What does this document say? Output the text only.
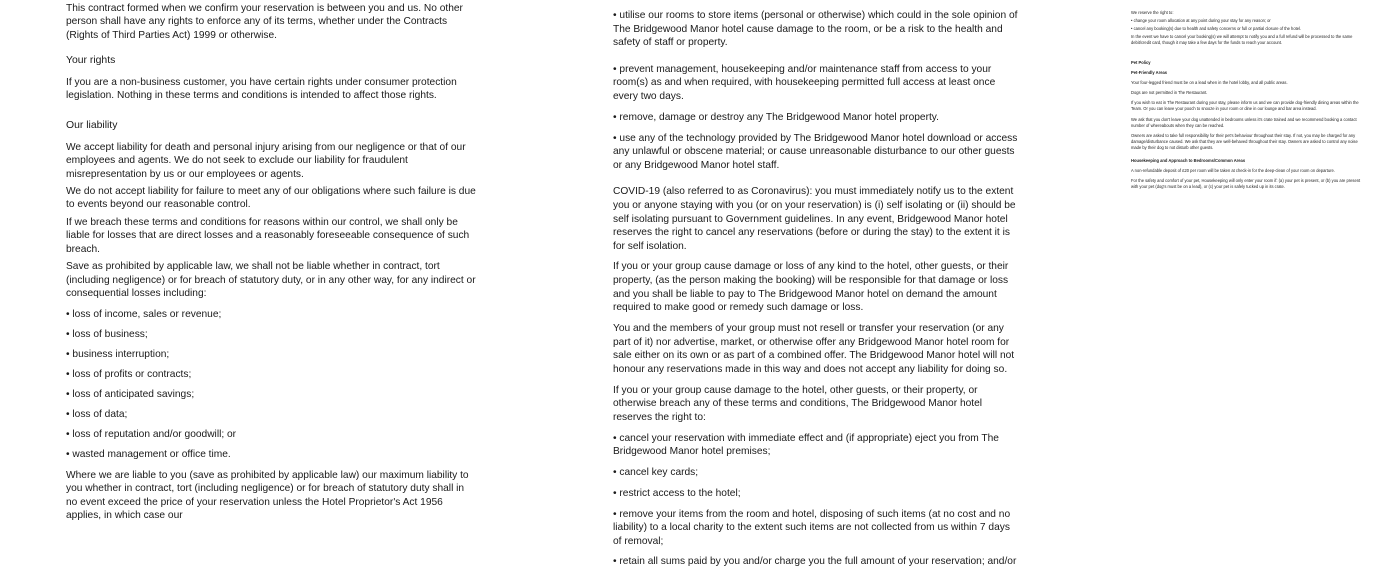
This contract formed when we confirm your reservation is between you and us. No other person shall have any rights to enforce any of its terms, whether under the Contracts (Rights of Third Parties Act) 1999 or otherwise.

Your rights

If you are a non-business customer, you have certain rights under consumer protection legislation. Nothing in these terms and conditions is intended to affect those rights.

Our liability

We accept liability for death and personal injury arising from our negligence or that of our employees and agents. We do not seek to exclude our liability for fraudulent misrepresentation by us or our employees or agents.

We do not accept liability for failure to meet any of our obligations where such failure is due to events beyond our reasonable control.

If we breach these terms and conditions for reasons within our control, we shall only be liable for losses that are direct losses and a reasonably foreseeable consequence of such breach.

Save as prohibited by applicable law, we shall not be liable whether in contract, tort (including negligence) or for breach of statutory duty, or in any other way, for any indirect or consequential losses including:

• loss of income, sales or revenue;

• loss of business;

• business interruption;

• loss of profits or contracts;

• loss of anticipated savings;

• loss of data;

• loss of reputation and/or goodwill; or

• wasted management or office time.

Where we are liable to you (save as prohibited by applicable law) our maximum liability to you whether in contract, tort (including negligence) or for breach of statutory duty shall in no event exceed the price of your reservation unless the Hotel Proprietor's Act 1956 applies, in which case our

• utilise our rooms to store items (personal or otherwise) which could in the sole opinion of The Bridgewood Manor hotel cause damage to the room, or be a risk to the health and safety of staff or property.

• prevent management, housekeeping and/or maintenance staff from access to your room(s) as and when required, with housekeeping permitted full access at least once every two days.

• remove, damage or destroy any The Bridgewood Manor hotel property.

• use any of the technology provided by The Bridgewood Manor hotel download or access any unlawful or obscene material; or cause unreasonable disturbance to our other guests or any Bridgewood Manor hotel staff.

COVID-19 (also referred to as Coronavirus): you must immediately notify us to the extent you or anyone staying with you (or on your reservation) is (i) self isolating or (ii) should be self isolating pursuant to Government guidelines. In any event, Bridgewood Manor hotel reserves the right to cancel any reservations (before or during the stay) to the extent it is for self isolation.

If you or your group cause damage or loss of any kind to the hotel, other guests, or their property, (as the person making the booking) will be responsible for that damage or loss and you shall be liable to pay to The Bridgewood Manor hotel on demand the amount required to make good or remedy such damage or loss.

You and the members of your group must not resell or transfer your reservation (or any part of it) nor advertise, market, or otherwise offer any Bridgewood Manor hotel room for sale either on its own or as part of a combined offer. The Bridgewood Manor hotel will not honour any reservations made in this way and does not accept any liability for doing so.

If you or your group cause damage to the hotel, other guests, or their property, or otherwise breach any of these terms and conditions, The Bridgewood Manor hotel reserves the right to:

• cancel your reservation with immediate effect and (if appropriate) eject you from The Bridgewood Manor hotel premises;

• cancel key cards;

• restrict access to the hotel;

• remove your items from the room and hotel, disposing of such items (at no cost and no liability) to a local charity to the extent such items are not collected from us within 7 days of removal;

• retain all sums paid by you and/or charge you the full amount of your reservation; and/or

We reserve the right to:

• change your room allocation at any point during your stay for any reason; or

• cancel any booking(s) due to health and safety concerns or full or partial closure of the hotel.

In the event we have to cancel your booking(s) we will attempt to notify you and a full refund will be processed to the same debit/credit card, though it may take a few days for the funds to reach your account.

Pet Policy

Pet-Friendly Areas

Your four-legged friend must be on a lead when in the hotel lobby, and all public areas.

Dogs are not permitted in The Restaurant.

If you wish to eat in The Restaurant during your stay, please inform us and we can provide dog-friendly dining areas within the Team. Or you can leave your pooch to snooze in your room or dine in our lounge and bar area instead.

We ask that you don't leave your dog unattended in bedrooms unless it's crate trained and we recommend booking a contact number of whereabouts when they can be reached.

Owners are asked to take full responsibility for their pet's behaviour throughout their stay. If not, you may be charged for any damage/disturbance caused. We ask that they are well-behaved throughout their stay. Owners are asked to control any noise made by their dog to not disturb other guests.

Housekeeping and Approach to Bedrooms/Common Areas

A non-refundable deposit of £20 per room will be taken at check-in for the deep-clean of your room on departure.

For the safety and comfort of your pet, Housekeeping will only enter your room if: (a) your pet is present, or (b) you are present with your pet (dog's must be on a lead), or (c) your pet is safely tucked up in its crate.
